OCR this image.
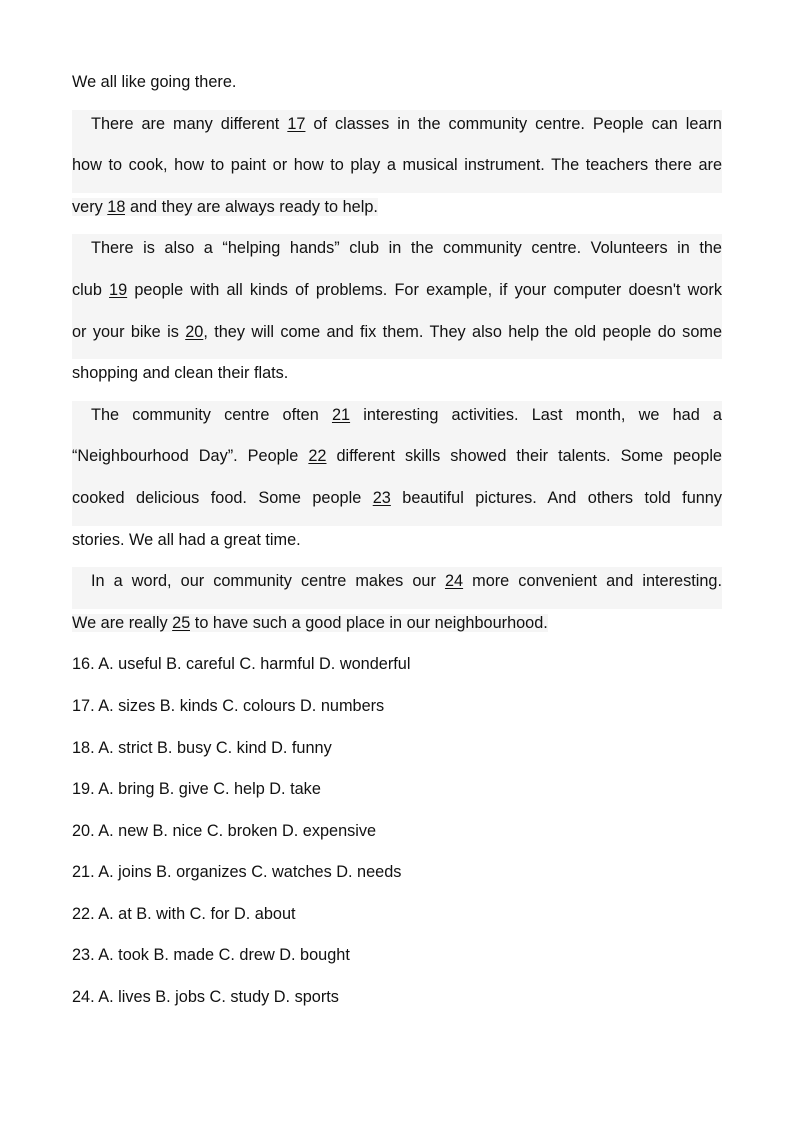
We all like going there.
There are many different 17 of classes in the community centre. People can learn
how to cook, how to paint or how to play a musical instrument. The teachers there are
very 18 and they are always ready to help.
There is also a “helping hands” club in the community centre. Volunteers in the
club 19 people with all kinds of problems. For example, if your computer doesn't work
or your bike is 20, they will come and fix them. They also help the old people do some
shopping and clean their flats.
The community centre often 21 interesting activities. Last month, we had a
“Neighbourhood Day”. People 22 different skills showed their talents. Some people
cooked delicious food. Some people 23 beautiful pictures. And others told funny
stories. We all had a great time.
In a word, our community centre makes our 24 more convenient and interesting.
We are really 25 to have such a good place in our neighbourhood.
16. A. useful B. careful C. harmful D. wonderful
17. A. sizes B. kinds C. colours D. numbers
18. A. strict B. busy C. kind D. funny
19. A. bring B. give C. help D. take
20. A. new B. nice C. broken D. expensive
21. A. joins B. organizes C. watches D. needs
22. A. at B. with C. for D. about
23. A. took B. made C. drew D. bought
24. A. lives B. jobs C. study D. sports
